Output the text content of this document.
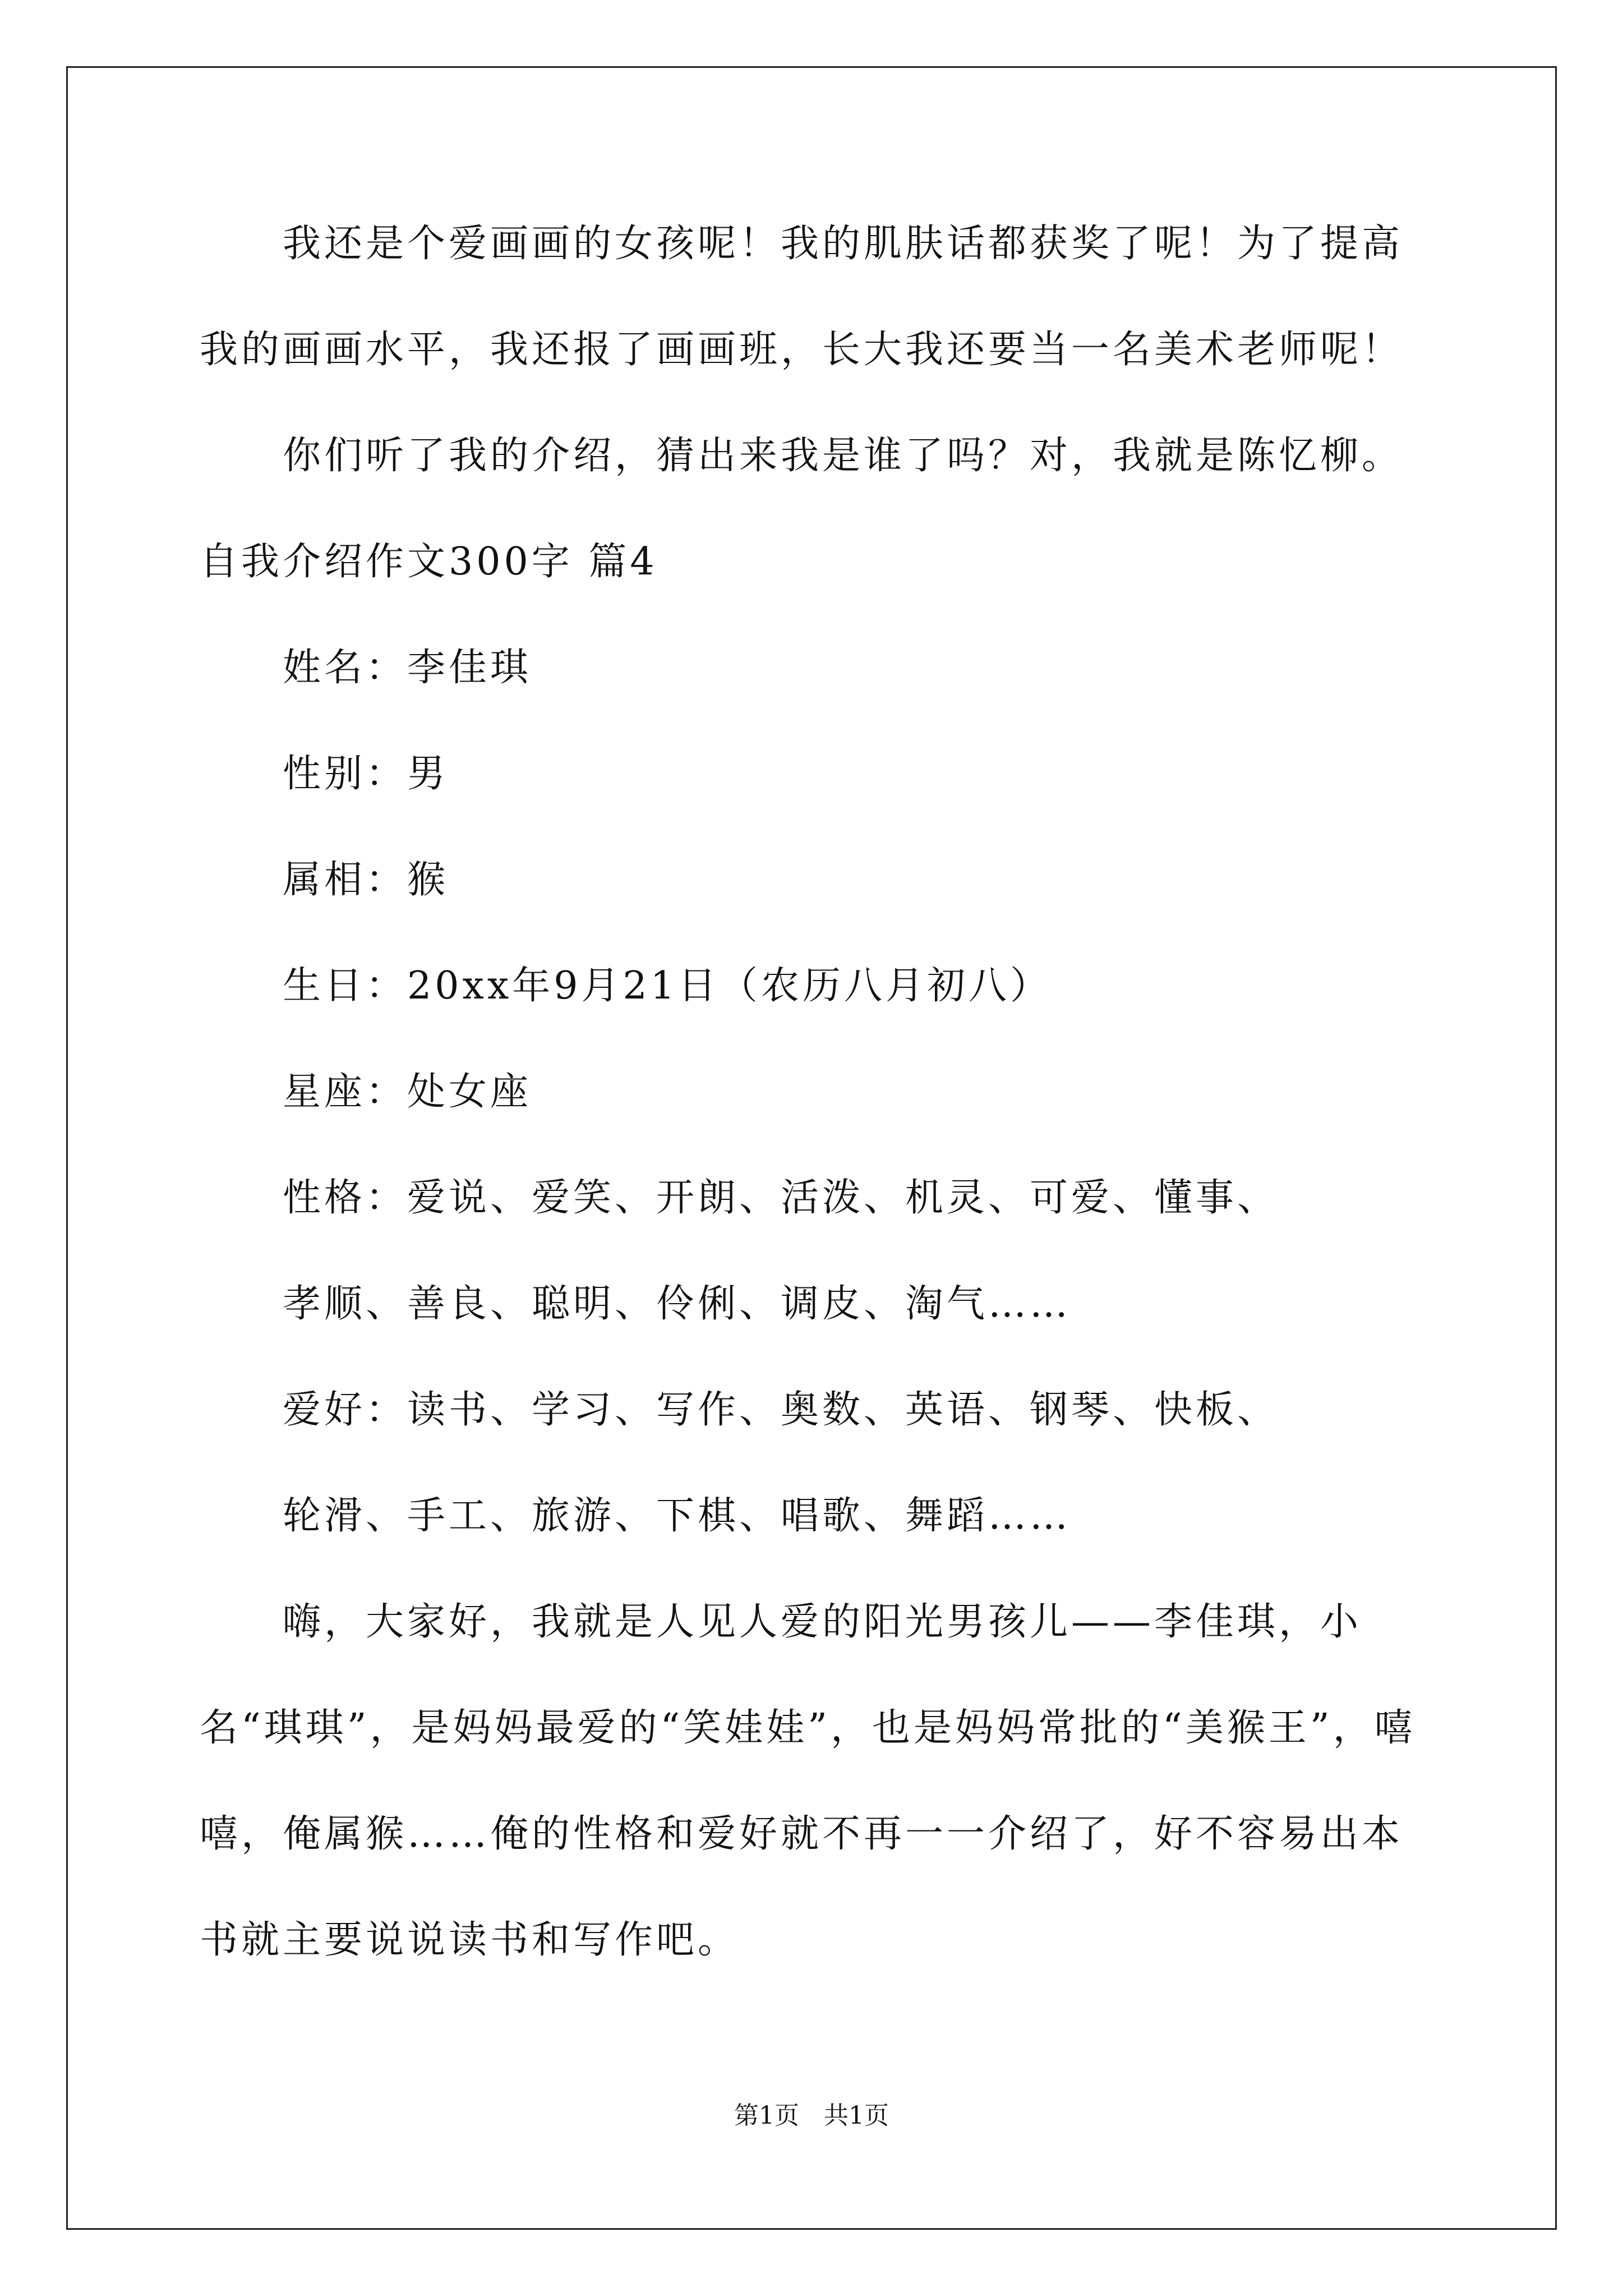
我还是个爱画画的女孩呢！我的肌肤话都获奖了呢！为了提高我的画画水平，我还报了画画班，长大我还要当一名美术老师呢！

你们听了我的介绍，猜出来我是谁了吗？对，我就是陈忆柳。

自我介绍作文300字 篇4

姓名：李佳琪

性别：男

属相：猴

生日：20xx年9月21日（农历八月初八）

星座：处女座

性格：爱说、爱笑、开朗、活泼、机灵、可爱、懂事、

孝顺、善良、聪明、伶俐、调皮、淘气……

爱好：读书、学习、写作、奥数、英语、钢琴、快板、

轮滑、手工、旅游、下棋、唱歌、舞蹈……

嗨，大家好，我就是人见人爱的阳光男孩儿——李佳琪，小名“琪琪”，是妈妈最爱的“笑娃娃”，也是妈妈常批的“美猴王”，嘻嘻，俺属猴……俺的性格和爱好就不再一一介绍了，好不容易出本书就主要说说读书和写作吧。

第1页　共1页
